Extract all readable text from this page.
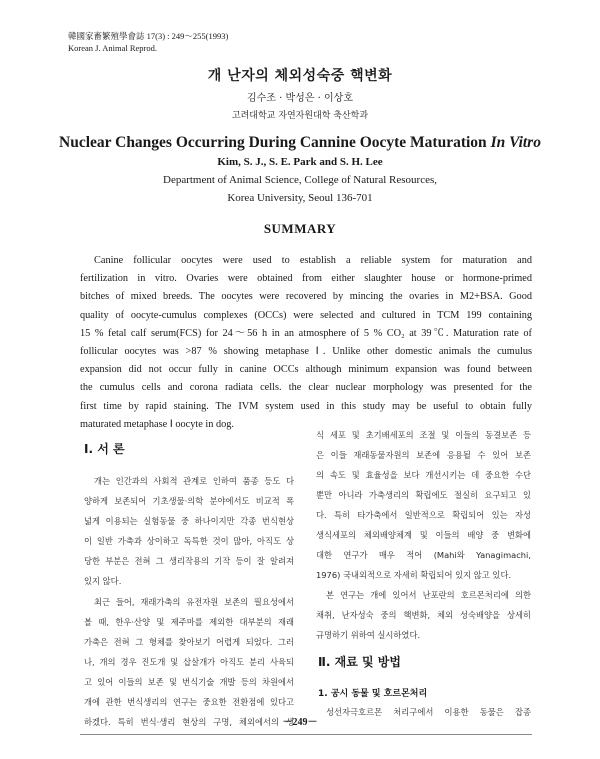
韓國家畜繁殖學會誌 17(3) : 249～255(1993)
Korean J. Animal Reprod.
개 난자의 체외성숙중 핵변화
김수조 · 박성은 · 이상호
고려대학교 자연자원대학 축산학과
Nuclear Changes Occurring During Cannine Oocyte Maturation In Vitro
Kim, S. J., S. E. Park and S. H. Lee
Department of Animal Science, College of Natural Resources,
Korea University, Seoul 136-701
SUMMARY
Canine follicular oocytes were used to establish a reliable system for maturation and
fertilization in vitro. Ovaries were obtained from either slaughter house or hormone-primed
bitches of mixed breeds. The oocytes were recovered by mincing the ovaries in M2+BSA. Good
quality of oocyte-cumulus complexes (OCCs) were selected and cultured in TCM 199 containing
15 % fetal calf serum(FCS) for 24～56 h in an atmosphere of 5 % CO₂ at 39℃. Maturation rate of
follicular oocytes was >87 % showing metaphase Ⅰ. Unlike other domestic animals the cumulus
expansion did not occur fully in canine OCCs although minimum expansion was found between
the cumulus cells and corona radiata cells. the clear nuclear morphology was presented for the
first time by rapid staining. The IVM system used in this study may be useful to obtain fully
maturated metaphase Ⅰ oocyte in dog.
Ⅰ. 서 론
개는 인간과의 사회적 관계로 인하여 품종 등도 다
양하게 보존되어 기초생물·의학 분야에서도 비교적 폭
넓게 이용되는 실험동물 중 하나이지만 각종 번식현상
이 일반 가축과 상이하고 독특한 것이 많아, 아직도 상
당한 부분은 전혀 그 생리작용의 기작 등이 잘 알려져
있지 않다.
최근 들어, 재래가축의 유전자원 보존의 필요성에서
볼 때, 한우·산양 및 제주마를 제외한 대부분의 재래
가축은 전혀 그 형체를 찾아보기 어렵게 되었다. 그러
나, 개의 경우 진도개 및 삽살개가 아직도 분리 사육되
고 있어 이들의 보존 및 번식기술 개발 등의 차원에서
개에 관한 번식생리의 연구는 중요한 전환점에 있다고
하겠다. 특히 번식·생리 현상의 구명, 체외에서의 생
식 세포 및 초기배세포의 조절 및 이들의 동결보존 등
은 이들 재래동물자원의 보존에 응용될 수 있어 보존
의 속도 및 효율성을 보다 개선시키는 데 중요한 수단
뿐만 아니라 가축생리의 확립에도 절실히 요구되고 있
다. 특히 타가축에서 일반적으로 확립되어 있는 자성
생식세포의 체외배양체계 및 이들의 배양 중 변화에
대한 연구가 매우 적어 (Mahi와 Yanagimachi,
1976) 국내외적으로 자세히 확립되어 있지 않고 있다.
본 연구는 개에 있어서 난포란의 호르몬처리에 의한
채취, 난자성숙 중의 핵변화, 체외 성숙배양을 상세히
규명하기 위하여 실시하였다.
Ⅱ. 재료 및 방법
1. 공시 동물 및 호르몬처리
성선자극호르몬 처리구에서 이용한 동물은 잡종
－249－
